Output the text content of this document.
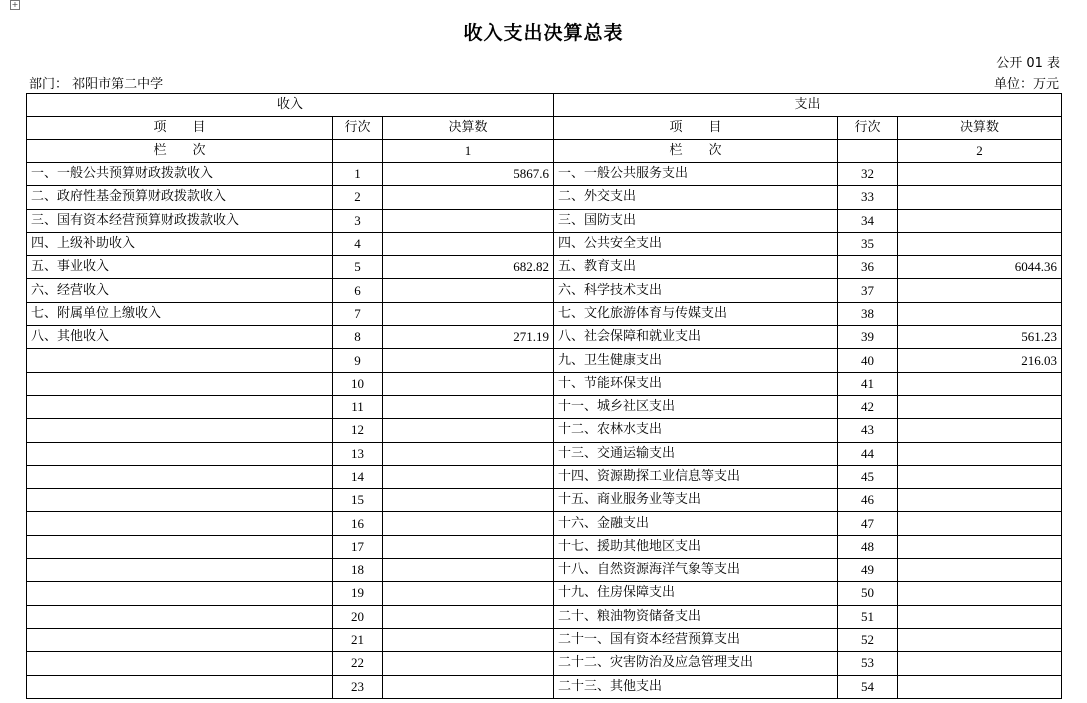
+
收入支出决算总表
公开 01 表
部门： 祁阳市第二中学	单位：万元
收入			支出		
项　　目	行次	决算数	项　　目	行次	决算数
栏　　次		1	栏　　次		2
一、一般公共预算财政拨款收入	1	5867.6	一、一般公共服务支出	32	
二、政府性基金预算财政拨款收入	2		二、外交支出	33	
三、国有资本经营预算财政拨款收入	3		三、国防支出	34	
四、上级补助收入	4		四、公共安全支出	35	
五、事业收入	5	682.82	五、教育支出	36	6044.36
六、经营收入	6		六、科学技术支出	37	
七、附属单位上缴收入	7		七、文化旅游体育与传媒支出	38	
八、其他收入	8	271.19	八、社会保障和就业支出	39	561.23
	9		九、卫生健康支出	40	216.03
	10		十、节能环保支出	41	
	11		十一、城乡社区支出	42	
	12		十二、农林水支出	43	
	13		十三、交通运输支出	44	
	14		十四、资源勘探工业信息等支出	45	
	15		十五、商业服务业等支出	46	
	16		十六、金融支出	47	
	17		十七、援助其他地区支出	48	
	18		十八、自然资源海洋气象等支出	49	
	19		十九、住房保障支出	50	
	20		二十、粮油物资储备支出	51	
	21		二十一、国有资本经营预算支出	52	
	22		二十二、灾害防治及应急管理支出	53	
	23		二十三、其他支出	54	
